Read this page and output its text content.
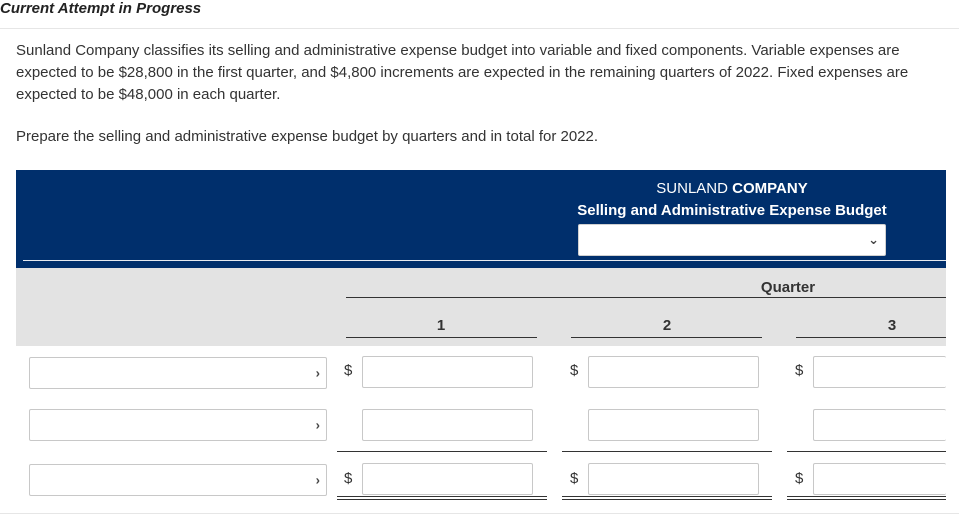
Current Attempt in Progress
Sunland Company classifies its selling and administrative expense budget into variable and fixed components. Variable expenses are expected to be $28,800 in the first quarter, and $4,800 increments are expected in the remaining quarters of 2022. Fixed expenses are expected to be $48,000 in each quarter.
Prepare the selling and administrative expense budget by quarters and in total for 2022.
SUNLAND COMPANY
Selling and Administrative Expense Budget
⌄
Quarter
1	2	3
› $	$	$
›
› $	$	$
